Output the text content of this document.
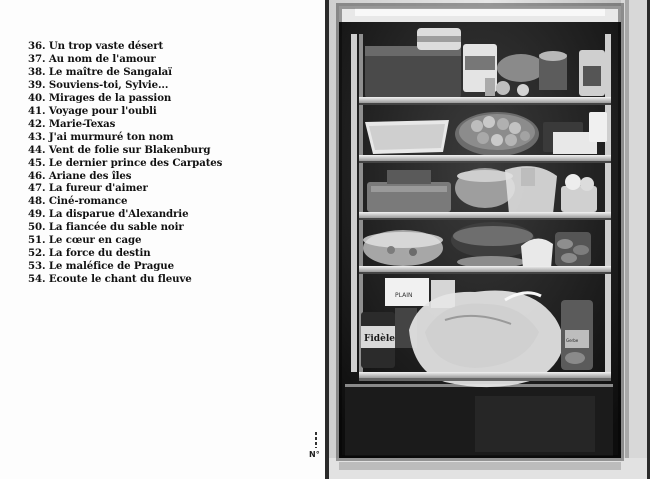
36. Un trop vaste désert
37. Au nom de l'amour
38. Le maître de Sangalaï
39. Souviens-toi, Sylvie...
40. Mirages de la passion
41. Voyage pour l'oubli
42. Marie-Texas
43. J'ai murmuré ton nom
44. Vent de folie sur Blakenburg
45. Le dernier prince des Carpates
46. Ariane des îles
47. La fureur d'aimer
48. Ciné-romance
49. La disparue d'Alexandrie
50. La fiancée du sable noir
51. Le cœur en cage
52. La force du destin
53. Le maléfice de Prague
54. Ecoute le chant du fleuve
N°
PLAIN
Fidèle	Gerbe
